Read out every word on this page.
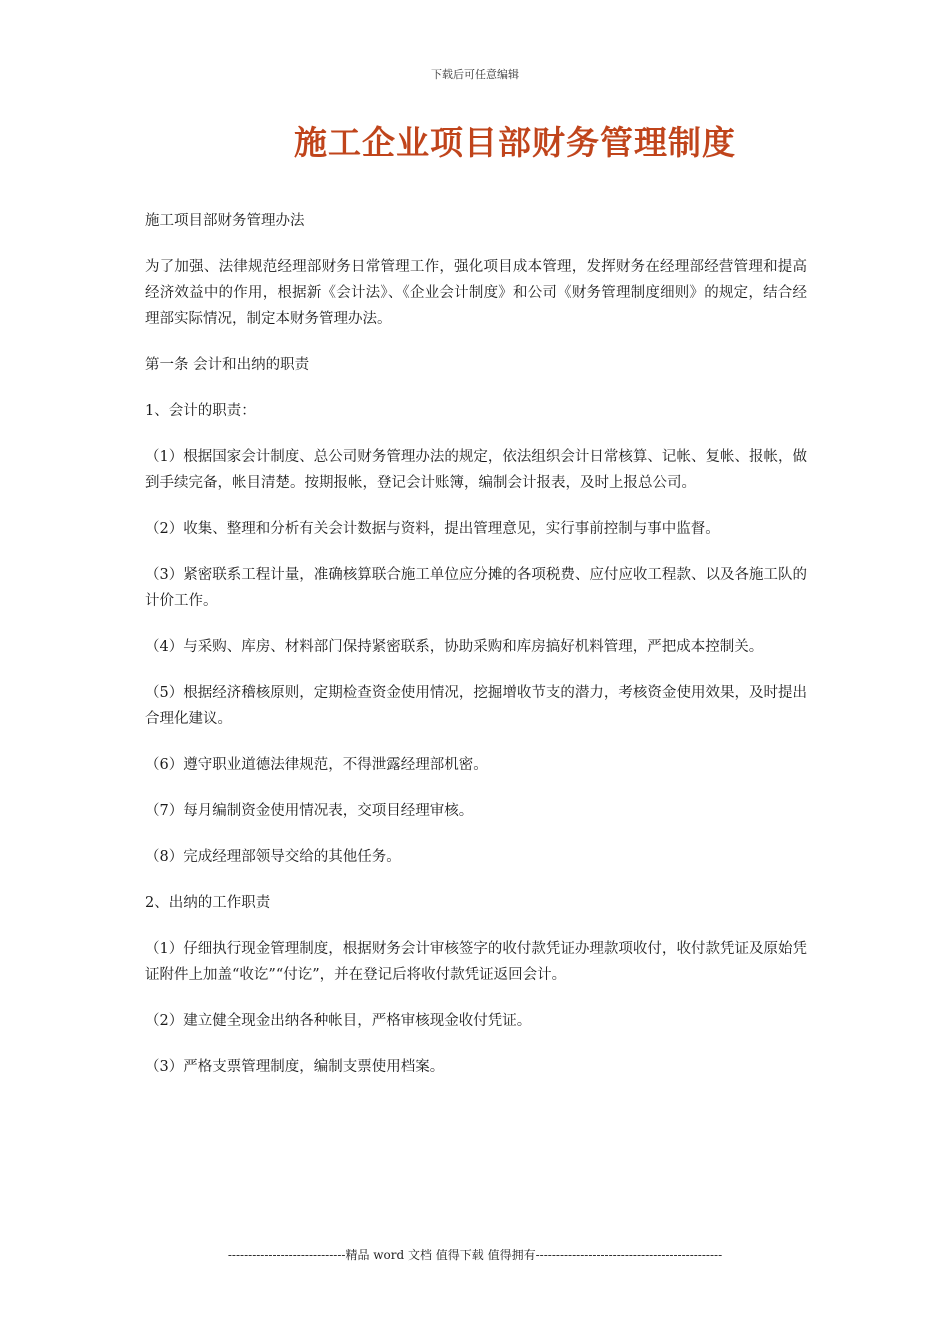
下载后可任意编辑
施工企业项目部财务管理制度

施工项目部财务管理办法

为了加强、法律规范经理部财务日常管理工作，强化项目成本管理，发挥财务在经理部经营管理和提高经济效益中的作用，根据新《会计法》、《企业会计制度》和公司《财务管理制度细则》的规定，结合经理部实际情况，制定本财务管理办法。

第一条 会计和出纳的职责

1、会计的职责：

（1）根据国家会计制度、总公司财务管理办法的规定，依法组织会计日常核算、记帐、复帐、报帐，做到手续完备，帐目清楚。按期报帐，登记会计账簿，编制会计报表，及时上报总公司。

（2）收集、整理和分析有关会计数据与资料，提出管理意见，实行事前控制与事中监督。

（3）紧密联系工程计量，准确核算联合施工单位应分摊的各项税费、应付应收工程款、以及各施工队的计价工作。

（4）与采购、库房、材料部门保持紧密联系，协助采购和库房搞好机料管理，严把成本控制关。

（5）根据经济稽核原则，定期检查资金使用情况，挖掘增收节支的潜力，考核资金使用效果，及时提出合理化建议。

（6）遵守职业道德法律规范，不得泄露经理部机密。

（7）每月编制资金使用情况表，交项目经理审核。

（8）完成经理部领导交给的其他任务。

2、出纳的工作职责

（1）仔细执行现金管理制度，根据财务会计审核签字的收付款凭证办理款项收付，收付款凭证及原始凭证附件上加盖“收讫”“付讫”，并在登记后将收付款凭证返回会计。

（2）建立健全现金出纳各种帐目，严格审核现金收付凭证。

（3）严格支票管理制度，编制支票使用档案。

-----------------------------精品 word 文档 值得下载 值得拥有----------------------------------------------
